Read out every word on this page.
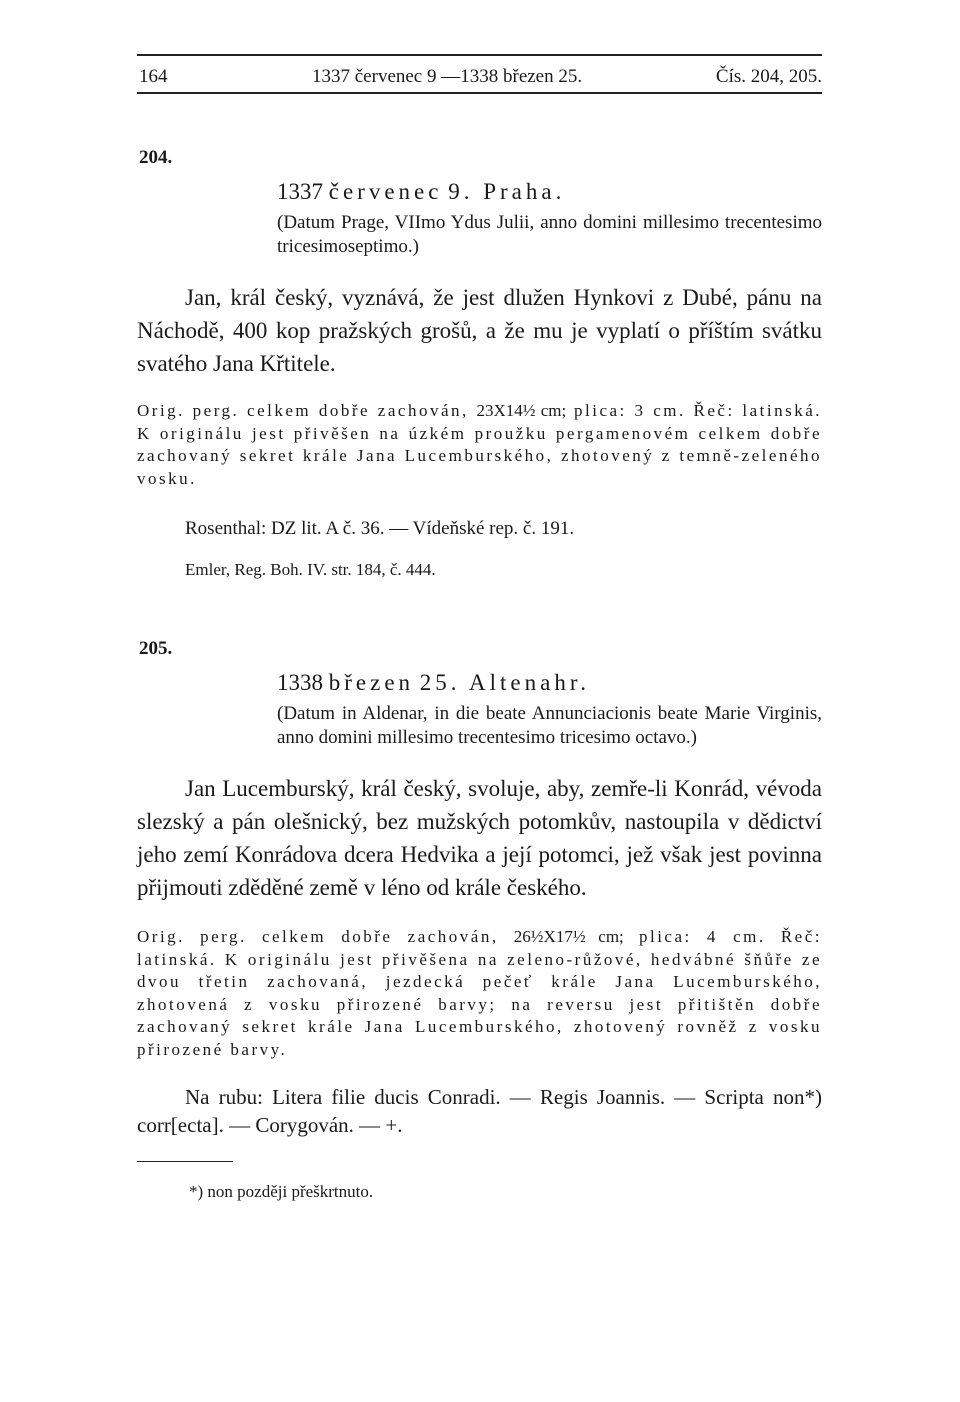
164	1337 červenec 9 —1338 březen 25.	Čís. 204, 205.
204.
1337 červenec 9. Praha.
(Datum Prage, VIImo Ydus Julii, anno domini millesimo trecentesimo tricesimoseptimo.)
Jan, král český, vyznává, že jest dlužen Hynkovi z Dubé, pánu na Náchodě, 400 kop pražských grošů, a že mu je vyplatí o příštím svátku svatého Jana Křtitele.
Orig. perg. celkem dobře zachován, 23X14½ cm; plica: 3 cm. Řeč: latinská. K originálu jest přivěšen na úzkém proužku pergamenovém celkem dobře zachovaný sekret krále Jana Lucemburského, zhotovený z temně-zeleného vosku.
Rosenthal: DZ lit. A č. 36. — Vídeňské rep. č. 191.
Emler, Reg. Boh. IV. str. 184, č. 444.
205.
1338 březen 25. Altenahr.
(Datum in Aldenar, in die beate Annunciacionis beate Marie Virginis, anno domini millesimo trecentesimo tricesimo octavo.)
Jan Lucemburský, král český, svoluje, aby, zemře-li Konrád, vévoda slezský a pán olešnický, bez mužských potomkův, nastoupila v dědictví jeho zemí Konrádova dcera Hedvika a její potomci, jež však jest povinna přijmouti zděděné země v léno od krále českého.
Orig. perg. celkem dobře zachován, 26½X17½ cm; plica: 4 cm. Řeč: latinská. K originálu jest přivěšena na zeleno-růžové, hedvábné šňůře ze dvou třetin zachovaná, jezdecká pečeť krále Jana Lucemburského, zhotovená z vosku přirozené barvy; na reversu jest přitištěn dobře zachovaný sekret krále Jana Lucemburského, zhotovený rovněž z vosku přirozené barvy.
Na rubu: Litera filie ducis Conradi. — Regis Joannis. — Scripta non*) corr[ecta]. — Corygován. — +.
*) non později přeškrtnuto.
